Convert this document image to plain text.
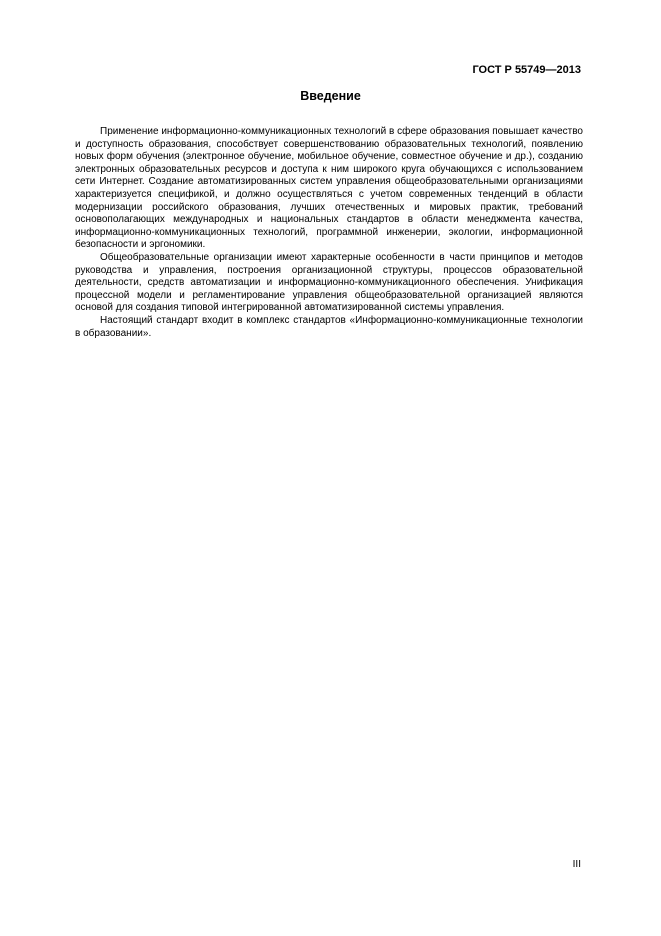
ГОСТ Р 55749—2013
Введение

Применение информационно-коммуникационных технологий в сфере образования повышает качество и доступность образования, способствует совершенствованию образовательных технологий, появлению новых форм обучения (электронное обучение, мобильное обучение, совместное обучение и др.), созданию электронных образовательных ресурсов и доступа к ним широкого круга обучающихся с использованием сети Интернет. Создание автоматизированных систем управления общеобразовательными организациями характеризуется спецификой, и должно осуществляться с учетом современных тенденций в области модернизации российского образования, лучших отечественных и мировых практик, требований основополагающих международных и национальных стандартов в области менеджмента качества, информационно-коммуникационных технологий, программной инженерии, экологии, информационной безопасности и эргономики.

Общеобразовательные организации имеют характерные особенности в части принципов и методов руководства и управления, построения организационной структуры, процессов образовательной деятельности, средств автоматизации и информационно-коммуникационного обеспечения. Унификация процессной модели и регламентирование управления общеобразовательной организацией являются основой для создания типовой интегрированной автоматизированной системы управления.

Настоящий стандарт входит в комплекс стандартов «Информационно-коммуникационные технологии в образовании».

III
